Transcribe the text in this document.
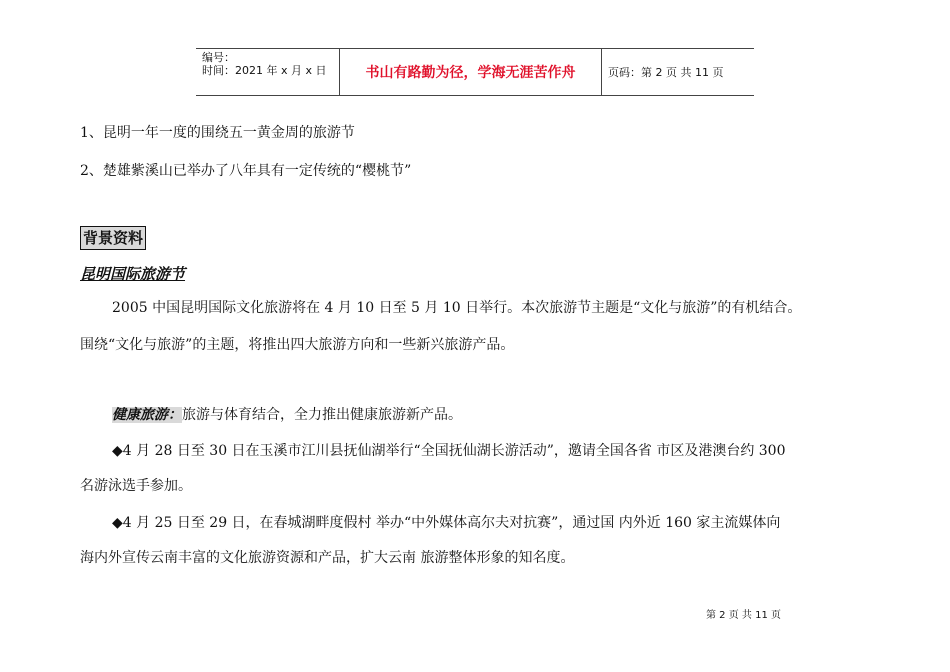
编号：
时间：2021 年 x 月 x 日	书山有路勤为径，学海无涯苦作舟	页码：第 2 页 共 11 页
1、昆明一年一度的围绕五一黄金周的旅游节
2、楚雄紫溪山已举办了八年具有一定传统的“樱桃节”
背景资料
昆明国际旅游节
2005 中国昆明国际文化旅游将在 4 月 10 日至 5 月 10 日举行。本次旅游节主题是“文化与旅游”的有机结合。
围绕“文化与旅游”的主题，将推出四大旅游方向和一些新兴旅游产品。
健康旅游：旅游与体育结合，全力推出健康旅游新产品。
◆4 月 28 日至 30 日在玉溪市江川县抚仙湖举行“全国抚仙湖长游活动”，邀请全国各省 市区及港澳台约 300
名游泳选手参加。
◆4 月 25 日至 29 日，在春城湖畔度假村 举办“中外媒体高尔夫对抗赛”，通过国 内外近 160 家主流媒体向
海内外宣传云南丰富的文化旅游资源和产品，扩大云南 旅游整体形象的知名度。
第 2 页 共 11 页
